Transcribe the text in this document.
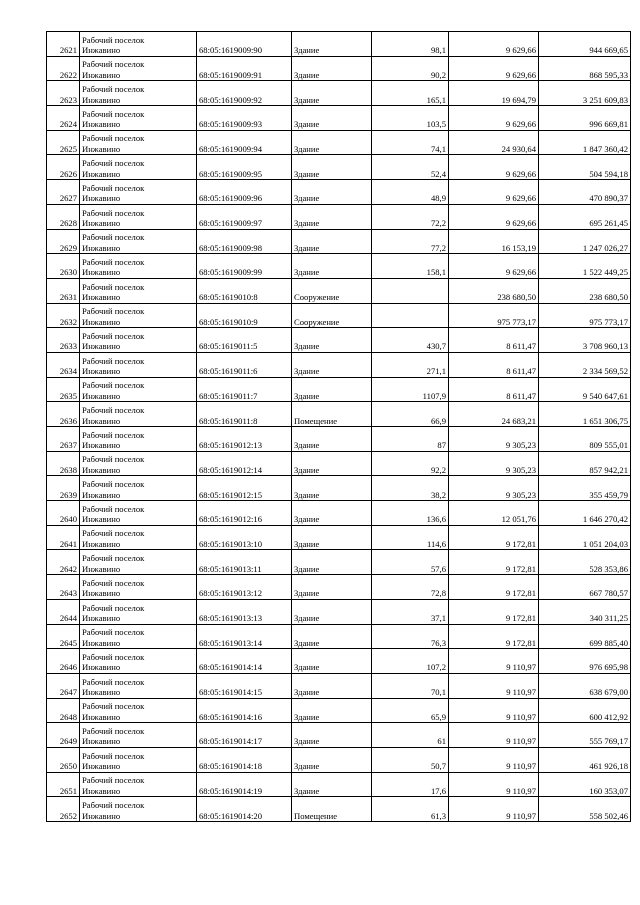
2621	Рабочий поселок
Инжавино	68:05:1619009:90	Здание	98,1	9 629,66	944 669,65
2622	Рабочий поселок
Инжавино	68:05:1619009:91	Здание	90,2	9 629,66	868 595,33
2623	Рабочий поселок
Инжавино	68:05:1619009:92	Здание	165,1	19 694,79	3 251 609,83
2624	Рабочий поселок
Инжавино	68:05:1619009:93	Здание	103,5	9 629,66	996 669,81
2625	Рабочий поселок
Инжавино	68:05:1619009:94	Здание	74,1	24 930,64	1 847 360,42
2626	Рабочий поселок
Инжавино	68:05:1619009:95	Здание	52,4	9 629,66	504 594,18
2627	Рабочий поселок
Инжавино	68:05:1619009:96	Здание	48,9	9 629,66	470 890,37
2628	Рабочий поселок
Инжавино	68:05:1619009:97	Здание	72,2	9 629,66	695 261,45
2629	Рабочий поселок
Инжавино	68:05:1619009:98	Здание	77,2	16 153,19	1 247 026,27
2630	Рабочий поселок
Инжавино	68:05:1619009:99	Здание	158,1	9 629,66	1 522 449,25
2631	Рабочий поселок
Инжавино	68:05:1619010:8	Сооружение		238 680,50	238 680,50
2632	Рабочий поселок
Инжавино	68:05:1619010:9	Сооружение		975 773,17	975 773,17
2633	Рабочий поселок
Инжавино	68:05:1619011:5	Здание	430,7	8 611,47	3 708 960,13
2634	Рабочий поселок
Инжавино	68:05:1619011:6	Здание	271,1	8 611,47	2 334 569,52
2635	Рабочий поселок
Инжавино	68:05:1619011:7	Здание	1107,9	8 611,47	9 540 647,61
2636	Рабочий поселок
Инжавино	68:05:1619011:8	Помещение	66,9	24 683,21	1 651 306,75
2637	Рабочий поселок
Инжавино	68:05:1619012:13	Здание	87	9 305,23	809 555,01
2638	Рабочий поселок
Инжавино	68:05:1619012:14	Здание	92,2	9 305,23	857 942,21
2639	Рабочий поселок
Инжавино	68:05:1619012:15	Здание	38,2	9 305,23	355 459,79
2640	Рабочий поселок
Инжавино	68:05:1619012:16	Здание	136,6	12 051,76	1 646 270,42
2641	Рабочий поселок
Инжавино	68:05:1619013:10	Здание	114,6	9 172,81	1 051 204,03
2642	Рабочий поселок
Инжавино	68:05:1619013:11	Здание	57,6	9 172,81	528 353,86
2643	Рабочий поселок
Инжавино	68:05:1619013:12	Здание	72,8	9 172,81	667 780,57
2644	Рабочий поселок
Инжавино	68:05:1619013:13	Здание	37,1	9 172,81	340 311,25
2645	Рабочий поселок
Инжавино	68:05:1619013:14	Здание	76,3	9 172,81	699 885,40
2646	Рабочий поселок
Инжавино	68:05:1619014:14	Здание	107,2	9 110,97	976 695,98
2647	Рабочий поселок
Инжавино	68:05:1619014:15	Здание	70,1	9 110,97	638 679,00
2648	Рабочий поселок
Инжавино	68:05:1619014:16	Здание	65,9	9 110,97	600 412,92
2649	Рабочий поселок
Инжавино	68:05:1619014:17	Здание	61	9 110,97	555 769,17
2650	Рабочий поселок
Инжавино	68:05:1619014:18	Здание	50,7	9 110,97	461 926,18
2651	Рабочий поселок
Инжавино	68:05:1619014:19	Здание	17,6	9 110,97	160 353,07
2652	Рабочий поселок
Инжавино	68:05:1619014:20	Помещение	61,3	9 110,97	558 502,46
